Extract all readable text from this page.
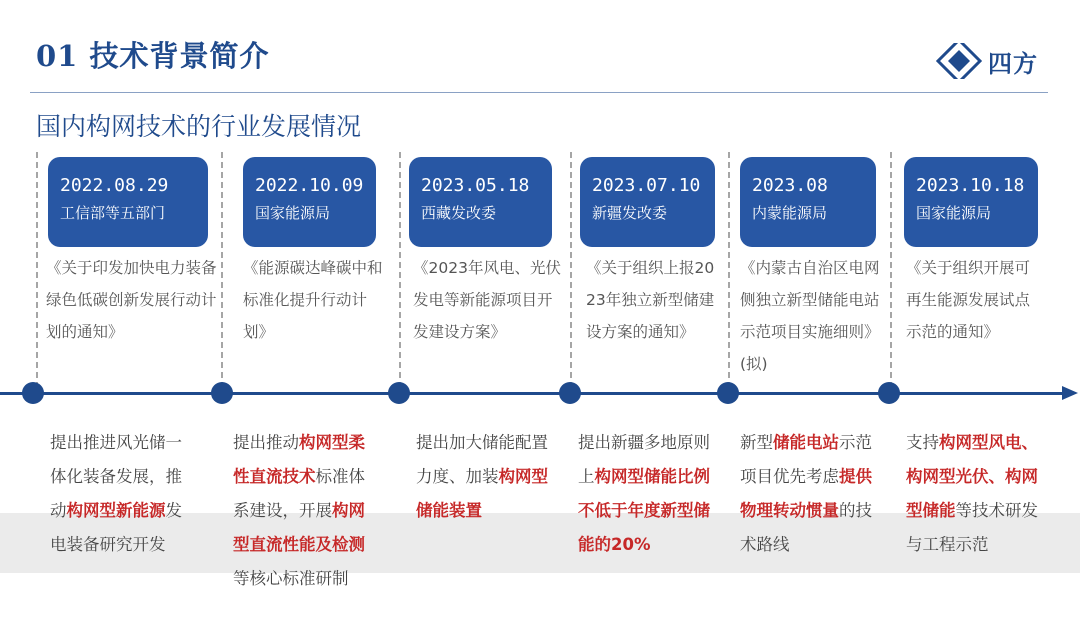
01 技术背景简介	四方
国内构网技术的行业发展情况
2022.08.29
工信部等五部门
《关于印发加快电力装备绿色低碳创新发展行动计划的通知》
2022.10.09
国家能源局
《能源碳达峰碳中和标准化提升行动计划》
2023.05.18
西藏发改委
《2023年风电、光伏发电等新能源项目开发建设方案》
2023.07.10
新疆发改委
《关于组织上报2023年独立新型储建设方案的通知》
2023.08
内蒙能源局
《内蒙古自治区电网侧独立新型储能电站示范项目实施细则》(拟)
2023.10.18
国家能源局
《关于组织开展可再生能源发展试点示范的通知》
提出推进风光储一体化装备发展，推动构网型新能源发电装备研究开发
提出推动构网型柔性直流技术标准体系建设，开展构网型直流性能及检测等核心标准研制
提出加大储能配置力度、加装构网型储能装置
提出新疆多地原则上构网型储能比例不低于年度新型储能的20%
新型储能电站示范项目优先考虑提供物理转动惯量的技术路线
支持构网型风电、构网型光伏、构网型储能等技术研发与工程示范
